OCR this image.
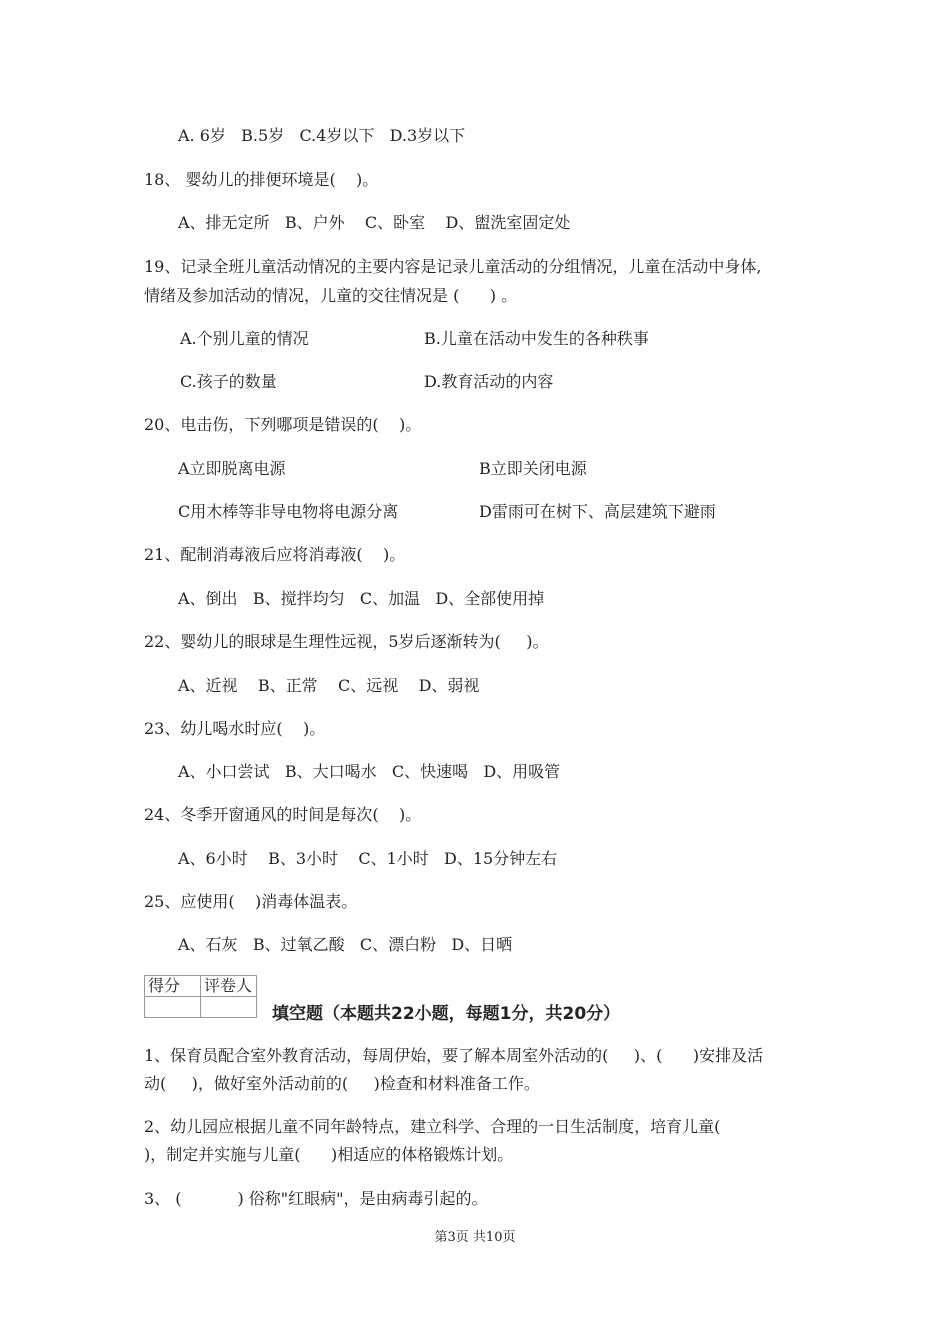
A. 6岁   B.5岁   C.4岁以下   D.3岁以下
18、 婴幼儿的排便环境是(    )。
A、排无定所   B、户外    C、卧室    D、盥洗室固定处
19、记录全班儿童活动情况的主要内容是记录儿童活动的分组情况，儿童在活动中身体,
情绪及参加活动的情况，儿童的交往情况是 (      ) 。
A.个别儿童的情况	B.儿童在活动中发生的各种秩事
C.孩子的数量	D.教育活动的内容
20、电击伤，下列哪项是错误的(    )。
A立即脱离电源	B立即关闭电源
C用木棒等非导电物将电源分离	D雷雨可在树下、高层建筑下避雨
21、配制消毒液后应将消毒液(    )。
A、倒出   B、搅拌均匀   C、加温   D、全部使用掉
22、婴幼儿的眼球是生理性远视，5岁后逐渐转为(     )。
A、近视    B、正常    C、远视    D、弱视
23、幼儿喝水时应(    )。
A、小口尝试   B、大口喝水   C、快速喝   D、用吸管
24、冬季开窗通风的时间是每次(    )。
A、6小时    B、3小时    C、1小时   D、15分钟左右
25、应使用(    )消毒体温表。
A、石灰   B、过氧乙酸   C、漂白粉   D、日晒
得分	评卷人

填空题（本题共22小题，每题1分，共20分）
1、保育员配合室外教育活动，每周伊始，要了解本周室外活动的(     )、(      )安排及活
动(     )，做好室外活动前的(     )检查和材料准备工作。
2、幼儿园应根据儿童不同年龄特点，建立科学、合理的一日生活制度，培育儿童(
)，制定并实施与儿童(      )相适应的体格锻炼计划。
3、 (           ) 俗称"红眼病"，是由病毒引起的。
第3页 共10页
